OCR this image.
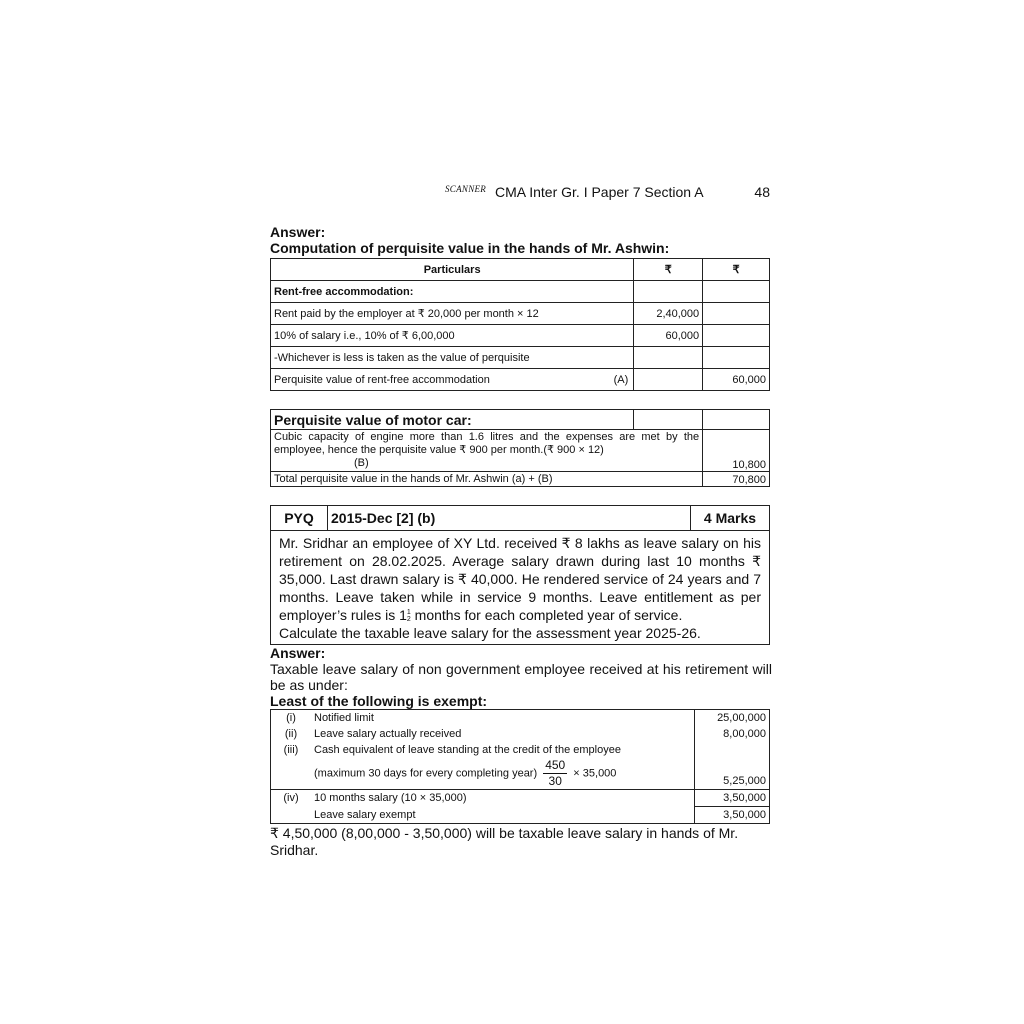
SCANNER CMA Inter Gr. I Paper 7 Section A	48
Answer:
Computation of perquisite value in the hands of Mr. Ashwin:
Particulars	₹	₹
Rent-free accommodation:		
Rent paid by the employer at ₹ 20,000 per month × 12	2,40,000	
10% of salary i.e., 10% of ₹ 6,00,000	60,000	
-Whichever is less is taken as the value of perquisite		
Perquisite value of rent-free accommodation (A)		60,000
Perquisite value of motor car:		
Cubic capacity of engine more than 1.6 litres and the expenses are met by the employee, hence the perquisite value ₹ 900 per month.(₹ 900 × 12)
(B)		10,800
Total perquisite value in the hands of Mr. Ashwin (a) + (B)		70,800
PYQ	2015-Dec [2] (b)	4 Marks
Mr. Sridhar an employee of XY Ltd. received ₹ 8 lakhs as leave salary on his retirement on 28.02.2025. Average salary drawn during last 10 months ₹ 35,000. Last drawn salary is ₹ 40,000. He rendered service of 24 years and 7 months. Leave taken while in service 9 months. Leave entitlement as per employer’s rules is 1 1
2 months for each completed year of service.
Calculate the taxable leave salary for the assessment year 2025-26.
Answer:
Taxable leave salary of non government employee received at his retirement will be as under:
Least of the following is exempt:
(i)	Notified limit	25,00,000
(ii)	Leave salary actually received	8,00,000
(iii)	Cash equivalent of leave standing at the credit of the employee
(maximum 30 days for every completing year) $\frac{450}{30} \times 35,000$	5,25,000
(iv)	10 months salary (10 × 35,000)	3,50,000
	Leave salary exempt	3,50,000
₹ 4,50,000 (8,00,000 - 3,50,000) will be taxable leave salary in hands of Mr. Sridhar.
